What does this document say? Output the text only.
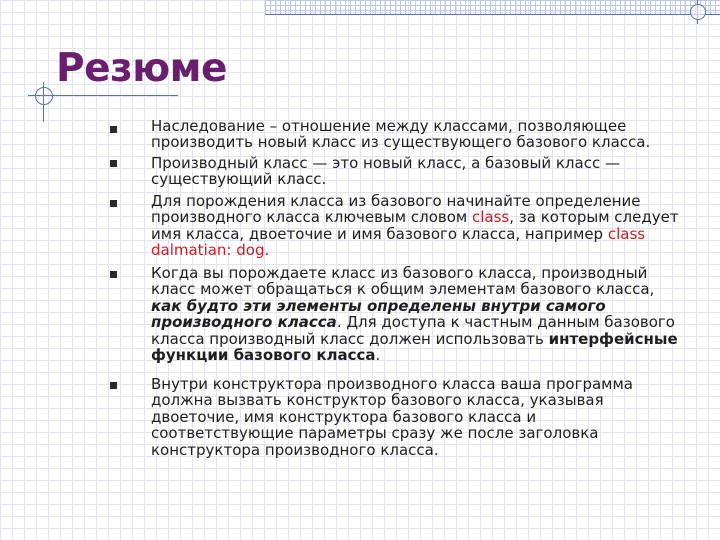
Резюме

Наследование – отношение между классами, позволяющее производить новый класс из существующего базового класса.

Производный класс — это новый класс, а базовый класс — существующий класс.

Для порождения класса из базового начинайте определение производного класса ключевым словом class, за которым следует имя класса, двоеточие и имя базового класса, например class dalmatian: dog.

Когда вы порождаете класс из базового класса, производный класс может обращаться к общим элементам базового класса, как будто эти элементы определены внутри самого производного класса. Для доступа к частным данным базового класса производный класс должен использовать интерфейсные функции базового класса.

Внутри конструктора производного класса ваша программа должна вызвать конструктор базового класса, указывая двоеточие, имя конструктора базового класса и соответствующие параметры сразу же после заголовка конструктора производного класса.
